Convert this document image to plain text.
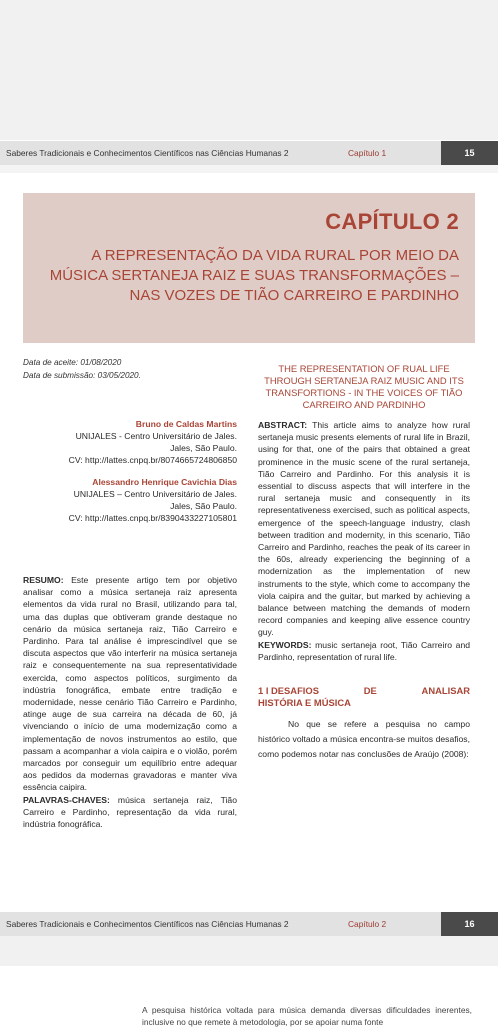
Saberes Tradicionais e Conhecimentos Científicos nas Ciências Humanas 2	Capítulo 1	15
CAPÍTULO 2
A REPRESENTAÇÃO DA VIDA RURAL POR MEIO DA MÚSICA SERTANEJA RAIZ E SUAS TRANSFORMAÇÕES – NAS VOZES DE TIÃO CARREIRO E PARDINHO
Data de aceite: 01/08/2020
Data de submissão: 03/05/2020.
Bruno de Caldas Martins
UNIJALES - Centro Universitário de Jales.
Jales, São Paulo.
CV: http://lattes.cnpq.br/8074665724806850
Alessandro Henrique Cavichia Dias
UNIJALES – Centro Universitário de Jales.
Jales, São Paulo.
CV: http://lattes.cnpq.br/8390433227105801

RESUMO: Este presente artigo tem por objetivo analisar como a música sertaneja raiz apresenta elementos da vida rural no Brasil, utilizando para tal, uma das duplas que obtiveram grande destaque no cenário da música sertaneja raiz, Tião Carreiro e Pardinho. Para tal análise é imprescindível que se discuta aspectos que vão interferir na música sertaneja raiz e consequentemente na sua representatividade exercida, como aspectos políticos, surgimento da indústria fonográfica, embate entre tradição e modernidade, nesse cenário Tião Carreiro e Pardinho, atinge auge de sua carreira na década de 60, já vivenciando o início de uma modernização como a implementação de novos instrumentos ao estilo, que passam a acompanhar a viola caipira e o violão, porém marcados por conseguir um equilíbrio entre adequar aos pedidos da modernas gravadoras e manter viva essência caipira.

PALAVRAS-CHAVES: música sertaneja raiz, Tião Carreiro e Pardinho, representação da vida rural, indústria fonográfica.

THE REPRESENTATION OF RUAL LIFE THROUGH SERTANEJA RAIZ MUSIC AND ITS TRANSFORTIONS - IN THE VOICES OF TIÃO CARREIRO AND PARDINHO

ABSTRACT: This article aims to analyze how rural sertaneja music presents elements of rural life in Brazil, using for that, one of the pairs that obtained a great prominence in the music scene of the rural sertaneja, Tião Carreiro and Pardinho. For this analysis it is essential to discuss aspects that will interfere in the rural sertaneja music and consequently in its representativeness exercised, such as political aspects, emergence of the speech-language industry, clash between tradition and modernity, in this scenario, Tião Carreiro and Pardinho, reaches the peak of its career in the 60s, already experiencing the beginning of a modernization as the implementation of new instruments to the style, which come to accompany the viola caipira and the guitar, but marked by achieving a balance between matching the demands of modern record companies and keeping alive essence country guy.

KEYWORDS: music sertaneja root, Tião Carreiro and Pardinho, representation of rural life.

1 I DESAFIOS	DE	ANALISAR
HISTÓRIA E MÚSICA

No que se refere a pesquisa no campo histórico voltado a música encontra-se muitos desafios, como podemos notar nas conclusões de Araújo (2008):

Saberes Tradicionais e Conhecimentos Científicos nas Ciências Humanas 2	Capítulo 2	16
A pesquisa histórica voltada para música demanda diversas dificuldades inerentes, inclusive no que remete à metodologia, por se apoiar numa fonte
